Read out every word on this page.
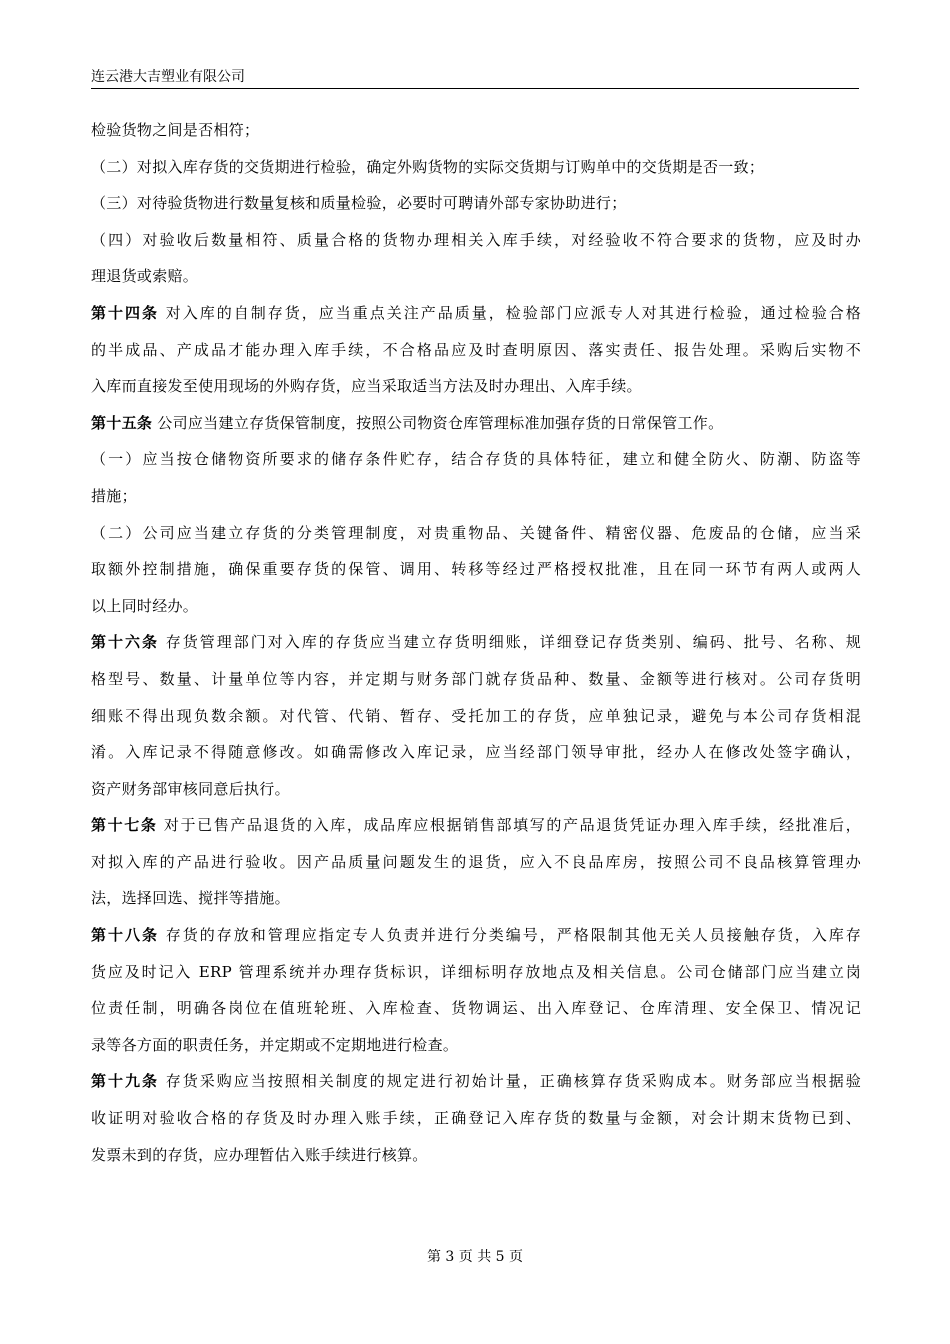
连云港大吉塑业有限公司
检验货物之间是否相符；
（二）对拟入库存货的交货期进行检验，确定外购货物的实际交货期与订购单中的交货期是否一致；
（三）对待验货物进行数量复核和质量检验，必要时可聘请外部专家协助进行；
（四）对验收后数量相符、质量合格的货物办理相关入库手续，对经验收不符合要求的货物，应及时办
理退货或索赔。
第十四条 对入库的自制存货，应当重点关注产品质量，检验部门应派专人对其进行检验，通过检验合格
的半成品、产成品才能办理入库手续，不合格品应及时查明原因、落实责任、报告处理。采购后实物不
入库而直接发至使用现场的外购存货，应当采取适当方法及时办理出、入库手续。
第十五条 公司应当建立存货保管制度，按照公司物资仓库管理标准加强存货的日常保管工作。
（一）应当按仓储物资所要求的储存条件贮存，结合存货的具体特征，建立和健全防火、防潮、防盗等
措施；
（二）公司应当建立存货的分类管理制度，对贵重物品、关键备件、精密仪器、危废品的仓储，应当采
取额外控制措施，确保重要存货的保管、调用、转移等经过严格授权批准，且在同一环节有两人或两人
以上同时经办。
第十六条 存货管理部门对入库的存货应当建立存货明细账，详细登记存货类别、编码、批号、名称、规
格型号、数量、计量单位等内容，并定期与财务部门就存货品种、数量、金额等进行核对。公司存货明
细账不得出现负数余额。对代管、代销、暂存、受托加工的存货，应单独记录，避免与本公司存货相混
淆。入库记录不得随意修改。如确需修改入库记录，应当经部门领导审批，经办人在修改处签字确认，
资产财务部审核同意后执行。
第十七条 对于已售产品退货的入库，成品库应根据销售部填写的产品退货凭证办理入库手续，经批准后，
对拟入库的产品进行验收。因产品质量问题发生的退货，应入不良品库房，按照公司不良品核算管理办
法，选择回选、搅拌等措施。
第十八条 存货的存放和管理应指定专人负责并进行分类编号，严格限制其他无关人员接触存货，入库存
货应及时记入 ERP 管理系统并办理存货标识，详细标明存放地点及相关信息。公司仓储部门应当建立岗
位责任制，明确各岗位在值班轮班、入库检查、货物调运、出入库登记、仓库清理、安全保卫、情况记
录等各方面的职责任务，并定期或不定期地进行检查。
第十九条 存货采购应当按照相关制度的规定进行初始计量，正确核算存货采购成本。财务部应当根据验
收证明对验收合格的存货及时办理入账手续，正确登记入库存货的数量与金额，对会计期末货物已到、
发票未到的存货，应办理暂估入账手续进行核算。
第 3 页 共 5 页
